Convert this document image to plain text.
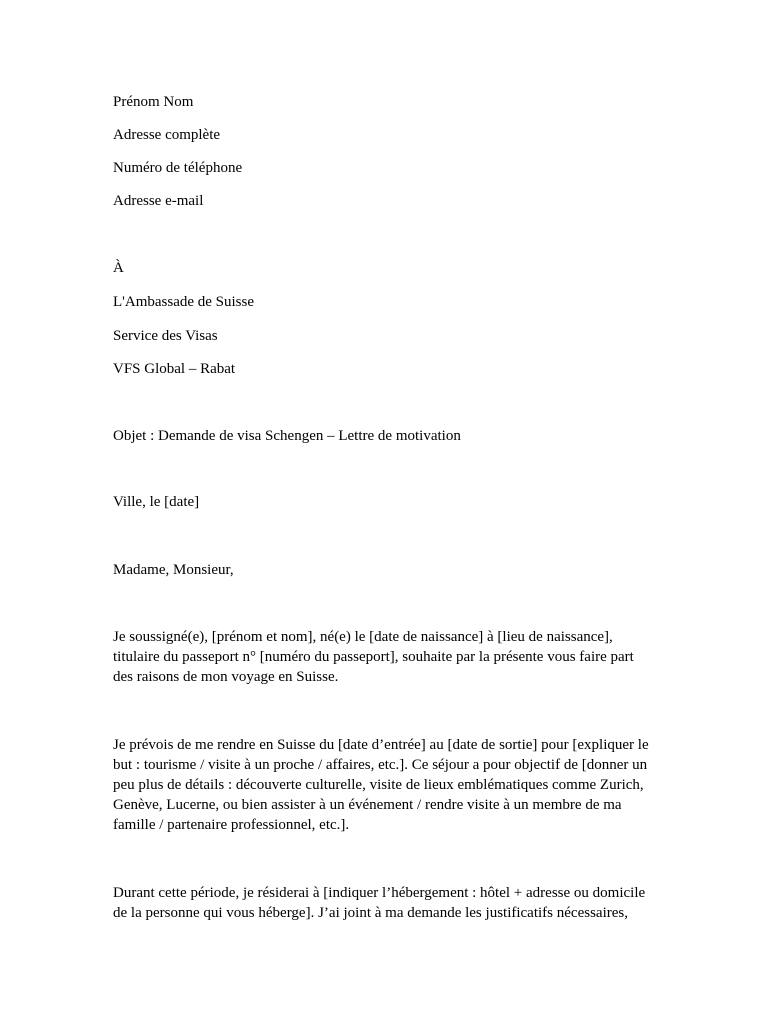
Prénom Nom
Adresse complète
Numéro de téléphone
Adresse e-mail
À
L'Ambassade de Suisse
Service des Visas
VFS Global – Rabat
Objet : Demande de visa Schengen – Lettre de motivation
Ville, le [date]
Madame, Monsieur,
Je soussigné(e), [prénom et nom], né(e) le [date de naissance] à [lieu de naissance],
titulaire du passeport n° [numéro du passeport], souhaite par la présente vous faire part
des raisons de mon voyage en Suisse.
Je prévois de me rendre en Suisse du [date d’entrée] au [date de sortie] pour [expliquer le
but : tourisme / visite à un proche / affaires, etc.]. Ce séjour a pour objectif de [donner un
peu plus de détails : découverte culturelle, visite de lieux emblématiques comme Zurich,
Genève, Lucerne, ou bien assister à un événement / rendre visite à un membre de ma
famille / partenaire professionnel, etc.].
Durant cette période, je résiderai à [indiquer l’hébergement : hôtel + adresse ou domicile
de la personne qui vous héberge]. J’ai joint à ma demande les justificatifs nécessaires,
